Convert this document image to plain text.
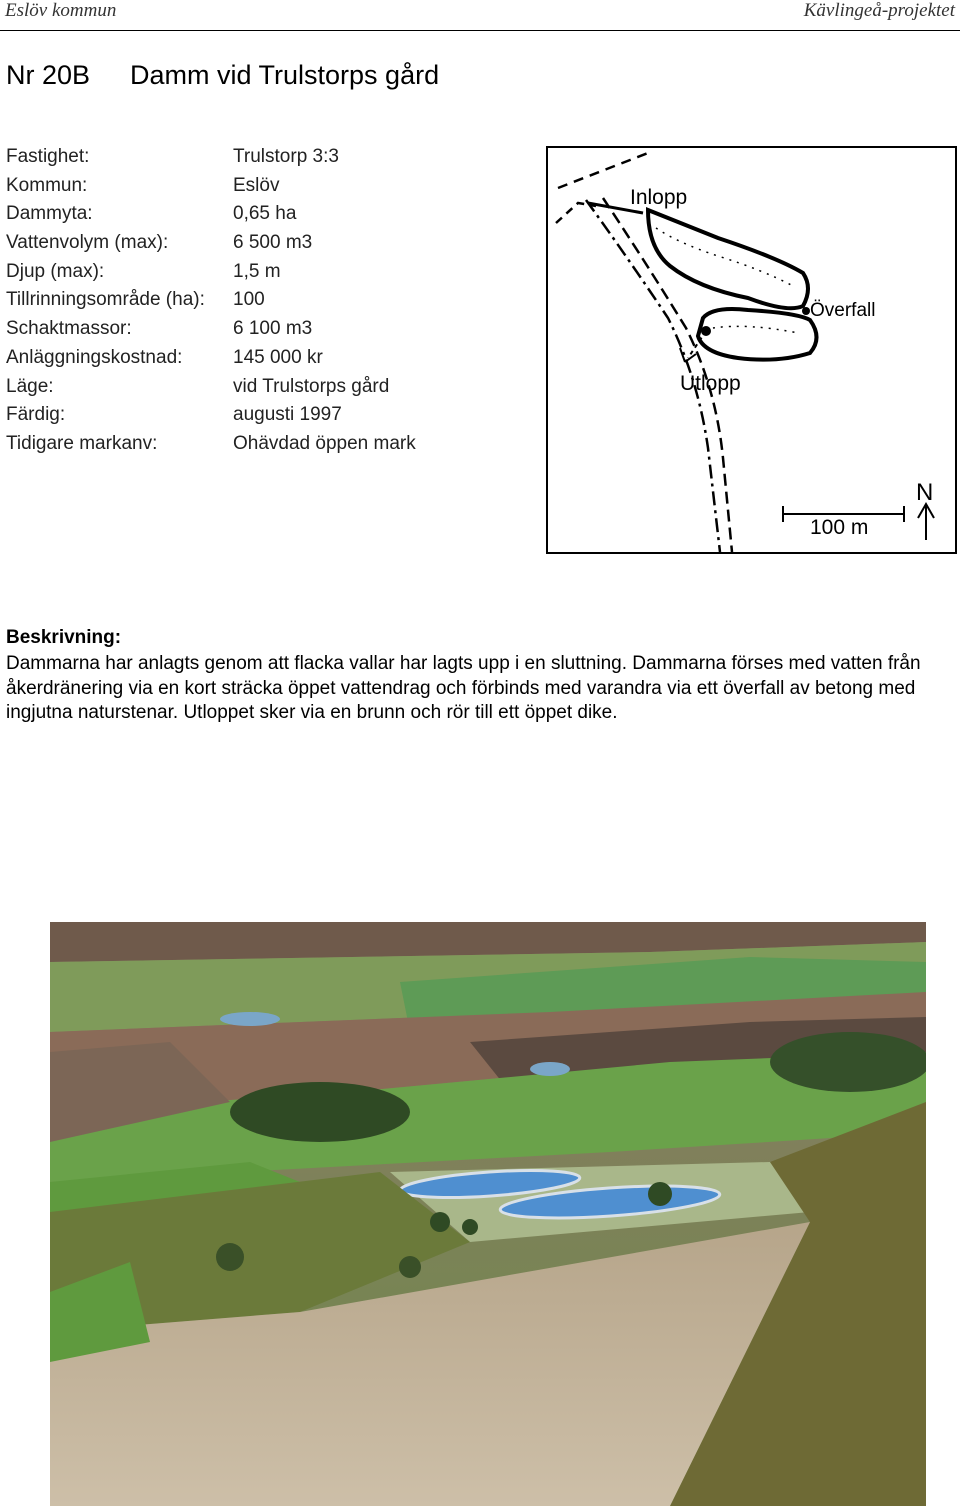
Eslöv kommun	Kävlingeå-projektet
Nr 20B Damm vid Trulstorps gård
Fastighet:	Trulstorp 3:3
Kommun:	Eslöv
Dammyta:	0,65 ha
Vattenvolym (max):	6 500 m3
Djup (max):	1,5 m
Tillrinningsområde (ha): 100
Schaktmassor:	6 100 m3
Anläggningskostnad:	145 000 kr
Läge:	vid Trulstorps gård
Färdig:	augusti 1997
Tidigare markanv:	Ohävdad öppen mark
Inlopp
Överfall
Utlopp
100 m
N
Beskrivning:
Dammarna har anlagts genom att flacka vallar har lagts upp i en sluttning. Dammarna förses med vatten från åkerdränering via en kort sträcka öppet vattendrag och förbinds med varandra via ett överfall av betong med ingjutna naturstenar. Utloppet sker via en brunn och rör till ett öppet dike.
